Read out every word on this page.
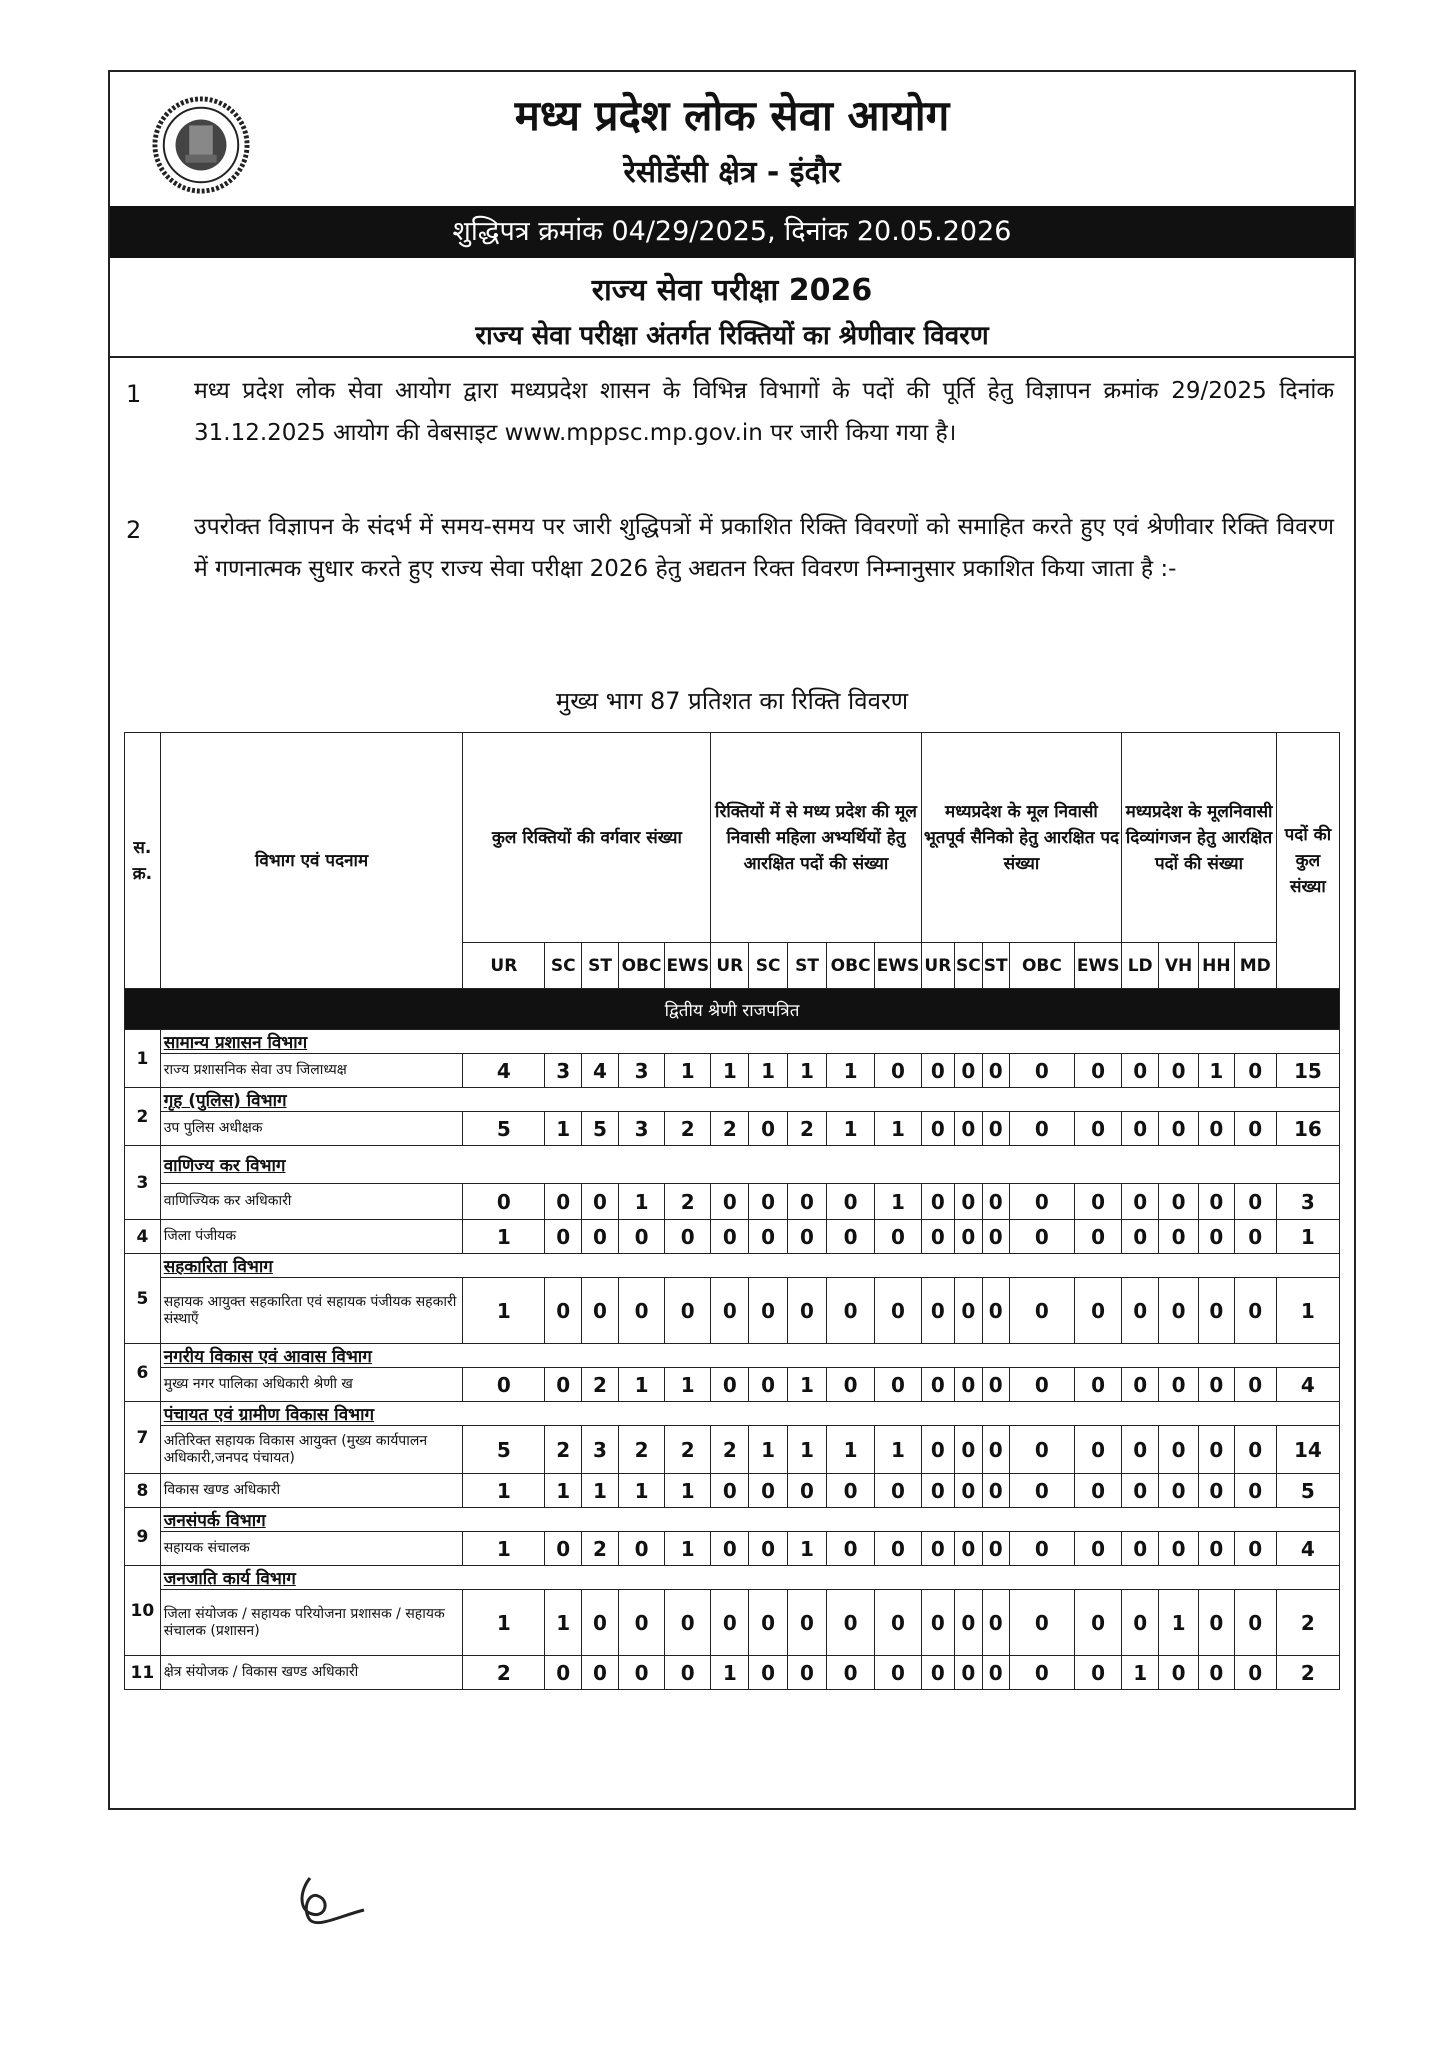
मध्य प्रदेश लोक सेवा आयोग
रेसीडेंसी क्षेत्र - इंदौर
शुद्धिपत्र क्रमांक 04/29/2025, दिनांक 20.05.2026
राज्य सेवा परीक्षा 2026
राज्य सेवा परीक्षा अंतर्गत रिक्तियों का श्रेणीवार विवरण
1 मध्य प्रदेश लोक सेवा आयोग द्वारा मध्यप्रदेश शासन के विभिन्न विभागों के पदों की पूर्ति हेतु विज्ञापन क्रमांक 29/2025 दिनांक 31.12.2025 आयोग की वेबसाइट www.mppsc.mp.gov.in पर जारी किया गया है।
2 उपरोक्त विज्ञापन के संदर्भ में समय-समय पर जारी शुद्धिपत्रों में प्रकाशित रिक्ति विवरणों को समाहित करते हुए एवं श्रेणीवार रिक्ति विवरण में गणनात्मक सुधार करते हुए राज्य सेवा परीक्षा 2026 हेतु अद्यतन रिक्त विवरण निम्नानुसार प्रकाशित किया जाता है :-
मुख्य भाग 87 प्रतिशत का रिक्ति विवरण
स. क्र.	विभाग एवं पदनाम	कुल रिक्तियों की वर्गवार संख्या					रिक्तियों में से मध्य प्रदेश की मूल निवासी महिला अभ्यर्थियों हेतु आरक्षित पदों की संख्या					मध्यप्रदेश के मूल निवासी भूतपूर्व सैनिको हेतु आरक्षित पद संख्या					मध्यप्रदेश के मूलनिवासी दिव्यांगजन हेतु आरक्षित पदों की संख्या				पदों की कुल संख्या
		UR	SC	ST	OBC	EWS	UR	SC	ST	OBC	EWS	UR	SC	ST	OBC	EWS	LD	VH	HH	MD	
द्वितीय श्रेणी राजपत्रित																					
1	सामान्य प्रशासन विभाग																				
	राज्य प्रशासनिक सेवा उप जिलाध्यक्ष	4	3	4	3	1	1	1	1	1	0	0	0	0	0	0	0	0	1	0	15
2	गृह (पुलिस) विभाग																				
	उप पुलिस अधीक्षक	5	1	5	3	2	2	0	2	1	1	0	0	0	0	0	0	0	0	0	16
3	वाणिज्य कर विभाग																				
	वाणिज्यिक कर अधिकारी	0	0	0	1	2	0	0	0	0	1	0	0	0	0	0	0	0	0	0	3
4	जिला पंजीयक	1	0	0	0	0	0	0	0	0	0	0	0	0	0	0	0	0	0	0	1
5	सहकारिता विभाग																				
	सहायक आयुक्त सहकारिता एवं सहायक पंजीयक सहकारी संस्थाएँ	1	0	0	0	0	0	0	0	0	0	0	0	0	0	0	0	0	0	0	1
6	नगरीय विकास एवं आवास विभाग																				
	मुख्य नगर पालिका अधिकारी श्रेणी ख	0	0	2	1	1	0	0	1	0	0	0	0	0	0	0	0	0	0	0	4
7	पंचायत एवं ग्रामीण विकास विभाग																				
	अतिरिक्त सहायक विकास आयुक्त (मुख्य कार्यपालन अधिकारी,जनपद पंचायत)	5	2	3	2	2	2	1	1	1	1	0	0	0	0	0	0	0	0	0	14
8	विकास खण्ड अधिकारी	1	1	1	1	1	0	0	0	0	0	0	0	0	0	0	0	0	0	0	5
9	जनसंपर्क विभाग																				
	सहायक संचालक	1	0	2	0	1	0	0	1	0	0	0	0	0	0	0	0	0	0	0	4
10	जनजाति कार्य विभाग																				
	जिला संयोजक / सहायक परियोजना प्रशासक / सहायक संचालक (प्रशासन)	1	1	0	0	0	0	0	0	0	0	0	0	0	0	0	0	1	0	0	2
11	क्षेत्र संयोजक / विकास खण्ड अधिकारी	2	0	0	0	0	1	0	0	0	0	0	0	0	0	0	1	0	0	0	2
